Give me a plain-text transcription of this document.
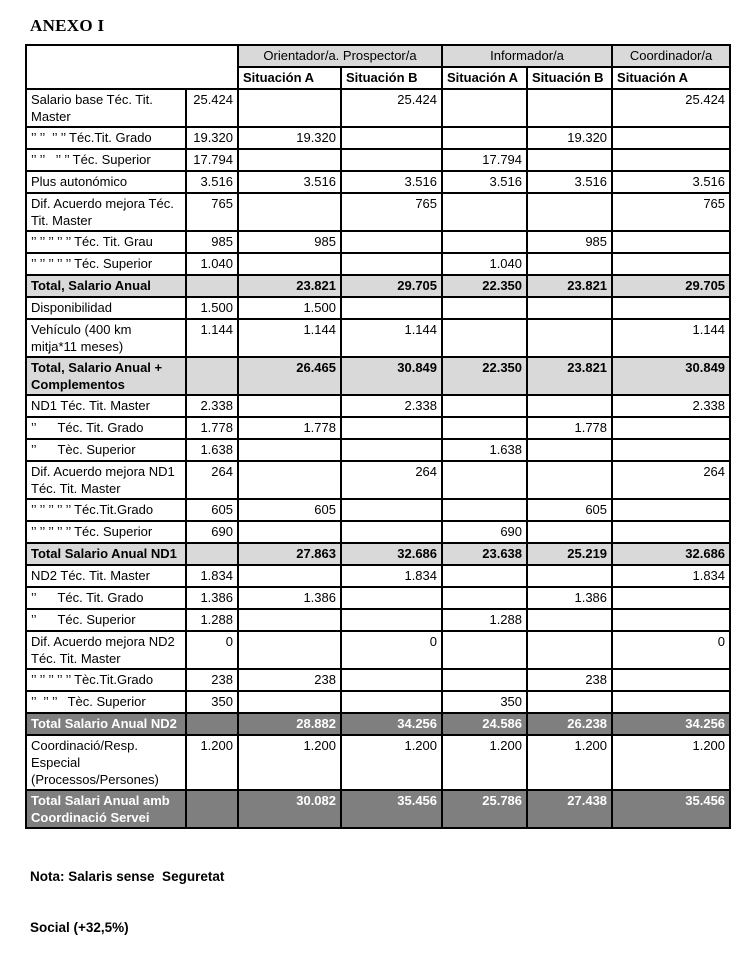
ANEXO I
		Orientador/a. Prospector/a		Informador/a		Coordinador/a
		Situación A	Situación B	Situación A	Situación B	Situación A
Salario base Téc. Tit. Master	25.424		25.424			25.424
’’ ’’  ’’ ’’ Téc.Tit. Grado	19.320	19.320			19.320	
’’ ’’   ’’ ’’ Téc. Superior	17.794			17.794		
Plus autonómico	3.516	3.516	3.516	3.516	3.516	3.516
Dif. Acuerdo mejora Téc. Tit. Master	765		765			765
’’ ’’ ’’ ’’ ’’ Téc. Tit. Grau	985	985			985	
’’ ’’ ’’ ’’ ’’ Téc. Superior	1.040			1.040		
Total, Salario Anual		23.821	29.705	22.350	23.821	29.705
Disponibilidad	1.500	1.500				
Vehículo (400 km mitja*11 meses)	1.144	1.144	1.144			1.144
Total, Salario Anual + Complementos		26.465	30.849	22.350	23.821	30.849
ND1 Téc. Tit. Master	2.338		2.338			2.338
’’      Téc. Tit. Grado	1.778	1.778			1.778	
’’      Tèc. Superior	1.638			1.638		
Dif. Acuerdo mejora ND1 Téc. Tit. Master	264		264			264
’’ ’’ ’’ ’’ ’’ Téc.Tit.Grado	605	605			605	
’’ ’’ ’’ ’’ ’’ Téc. Superior	690			690		
Total Salario Anual ND1		27.863	32.686	23.638	25.219	32.686
ND2 Téc. Tit. Master	1.834		1.834			1.834
’’      Téc. Tit. Grado	1.386	1.386			1.386	
’’      Téc. Superior	1.288			1.288		
Dif. Acuerdo mejora ND2 Téc. Tit. Master	0		0			0
’’ ’’ ’’ ’’ ’’ Tèc.Tit.Grado	238	238			238	
’’  ’’ ’’   Tèc. Superior	350			350		
Total Salario Anual ND2		28.882	34.256	24.586	26.238	34.256
Coordinació/Resp. Especial (Processos/Persones)	1.200	1.200	1.200	1.200	1.200	1.200
Total Salari Anual amb Coordinació Servei		30.082	35.456	25.786	27.438	35.456

Nota: Salaris sense  Seguretat

Social (+32,5%)
